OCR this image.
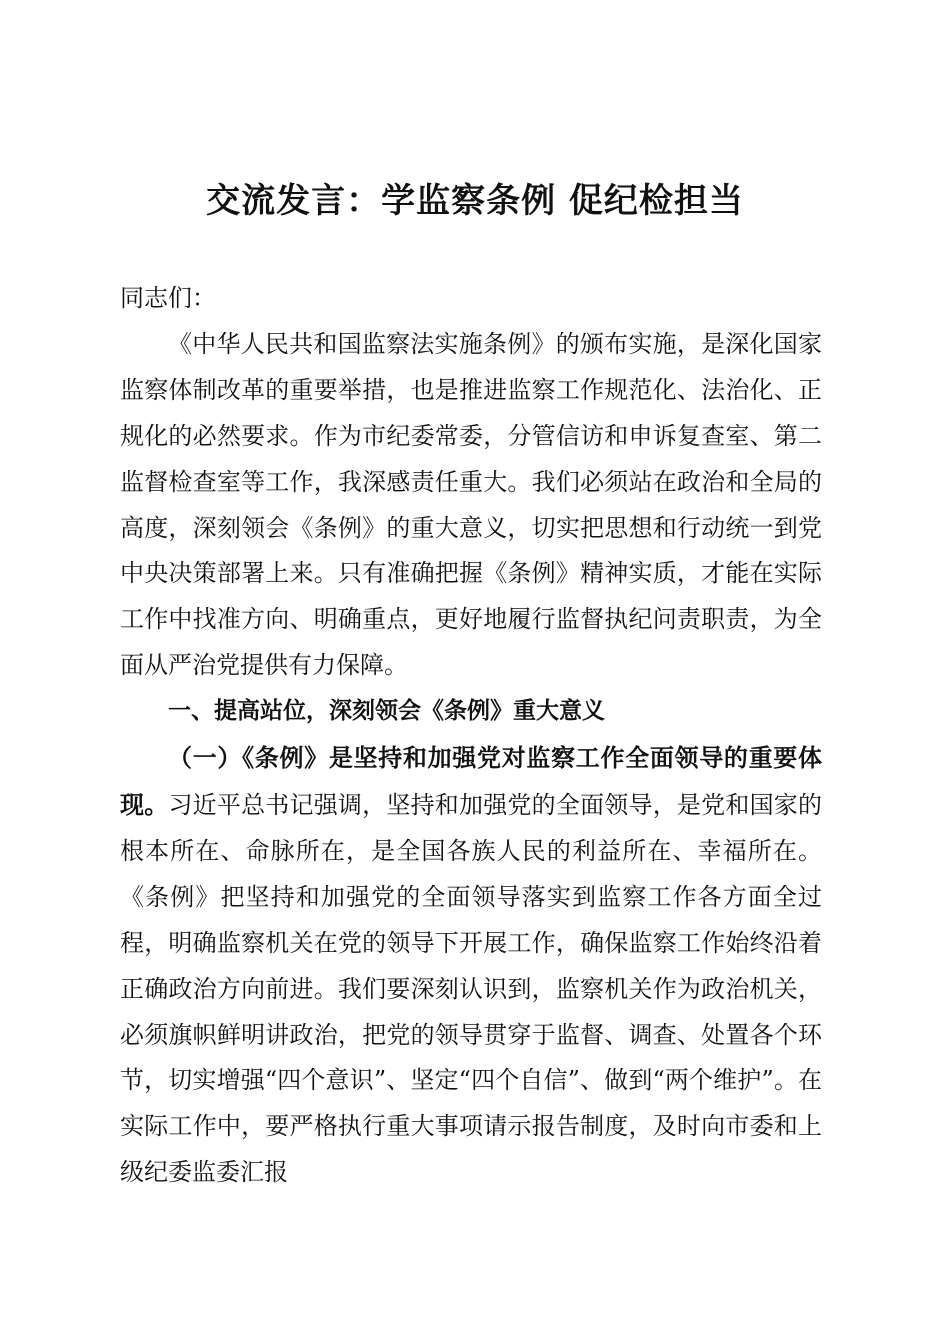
交流发言：学监察条例 促纪检担当

同志们：

《中华人民共和国监察法实施条例》的颁布实施，是深化国家监察体制改革的重要举措，也是推进监察工作规范化、法治化、正规化的必然要求。作为市纪委常委，分管信访和申诉复查室、第二监督检查室等工作，我深感责任重大。我们必须站在政治和全局的高度，深刻领会《条例》的重大意义，切实把思想和行动统一到党中央决策部署上来。只有准确把握《条例》精神实质，才能在实际工作中找准方向、明确重点，更好地履行监督执纪问责职责，为全面从严治党提供有力保障。

一、提高站位，深刻领会《条例》重大意义

（一）《条例》是坚持和加强党对监察工作全面领导的重要体现。习近平总书记强调，坚持和加强党的全面领导，是党和国家的根本所在、命脉所在，是全国各族人民的利益所在、幸福所在。《条例》把坚持和加强党的全面领导落实到监察工作各方面全过程，明确监察机关在党的领导下开展工作，确保监察工作始终沿着正确政治方向前进。我们要深刻认识到，监察机关作为政治机关，必须旗帜鲜明讲政治，把党的领导贯穿于监督、调查、处置各个环节，切实增强“四个意识”、坚定“四个自信”、做到“两个维护”。在实际工作中，要严格执行重大事项请示报告制度，及时向市委和上级纪委监委汇报
